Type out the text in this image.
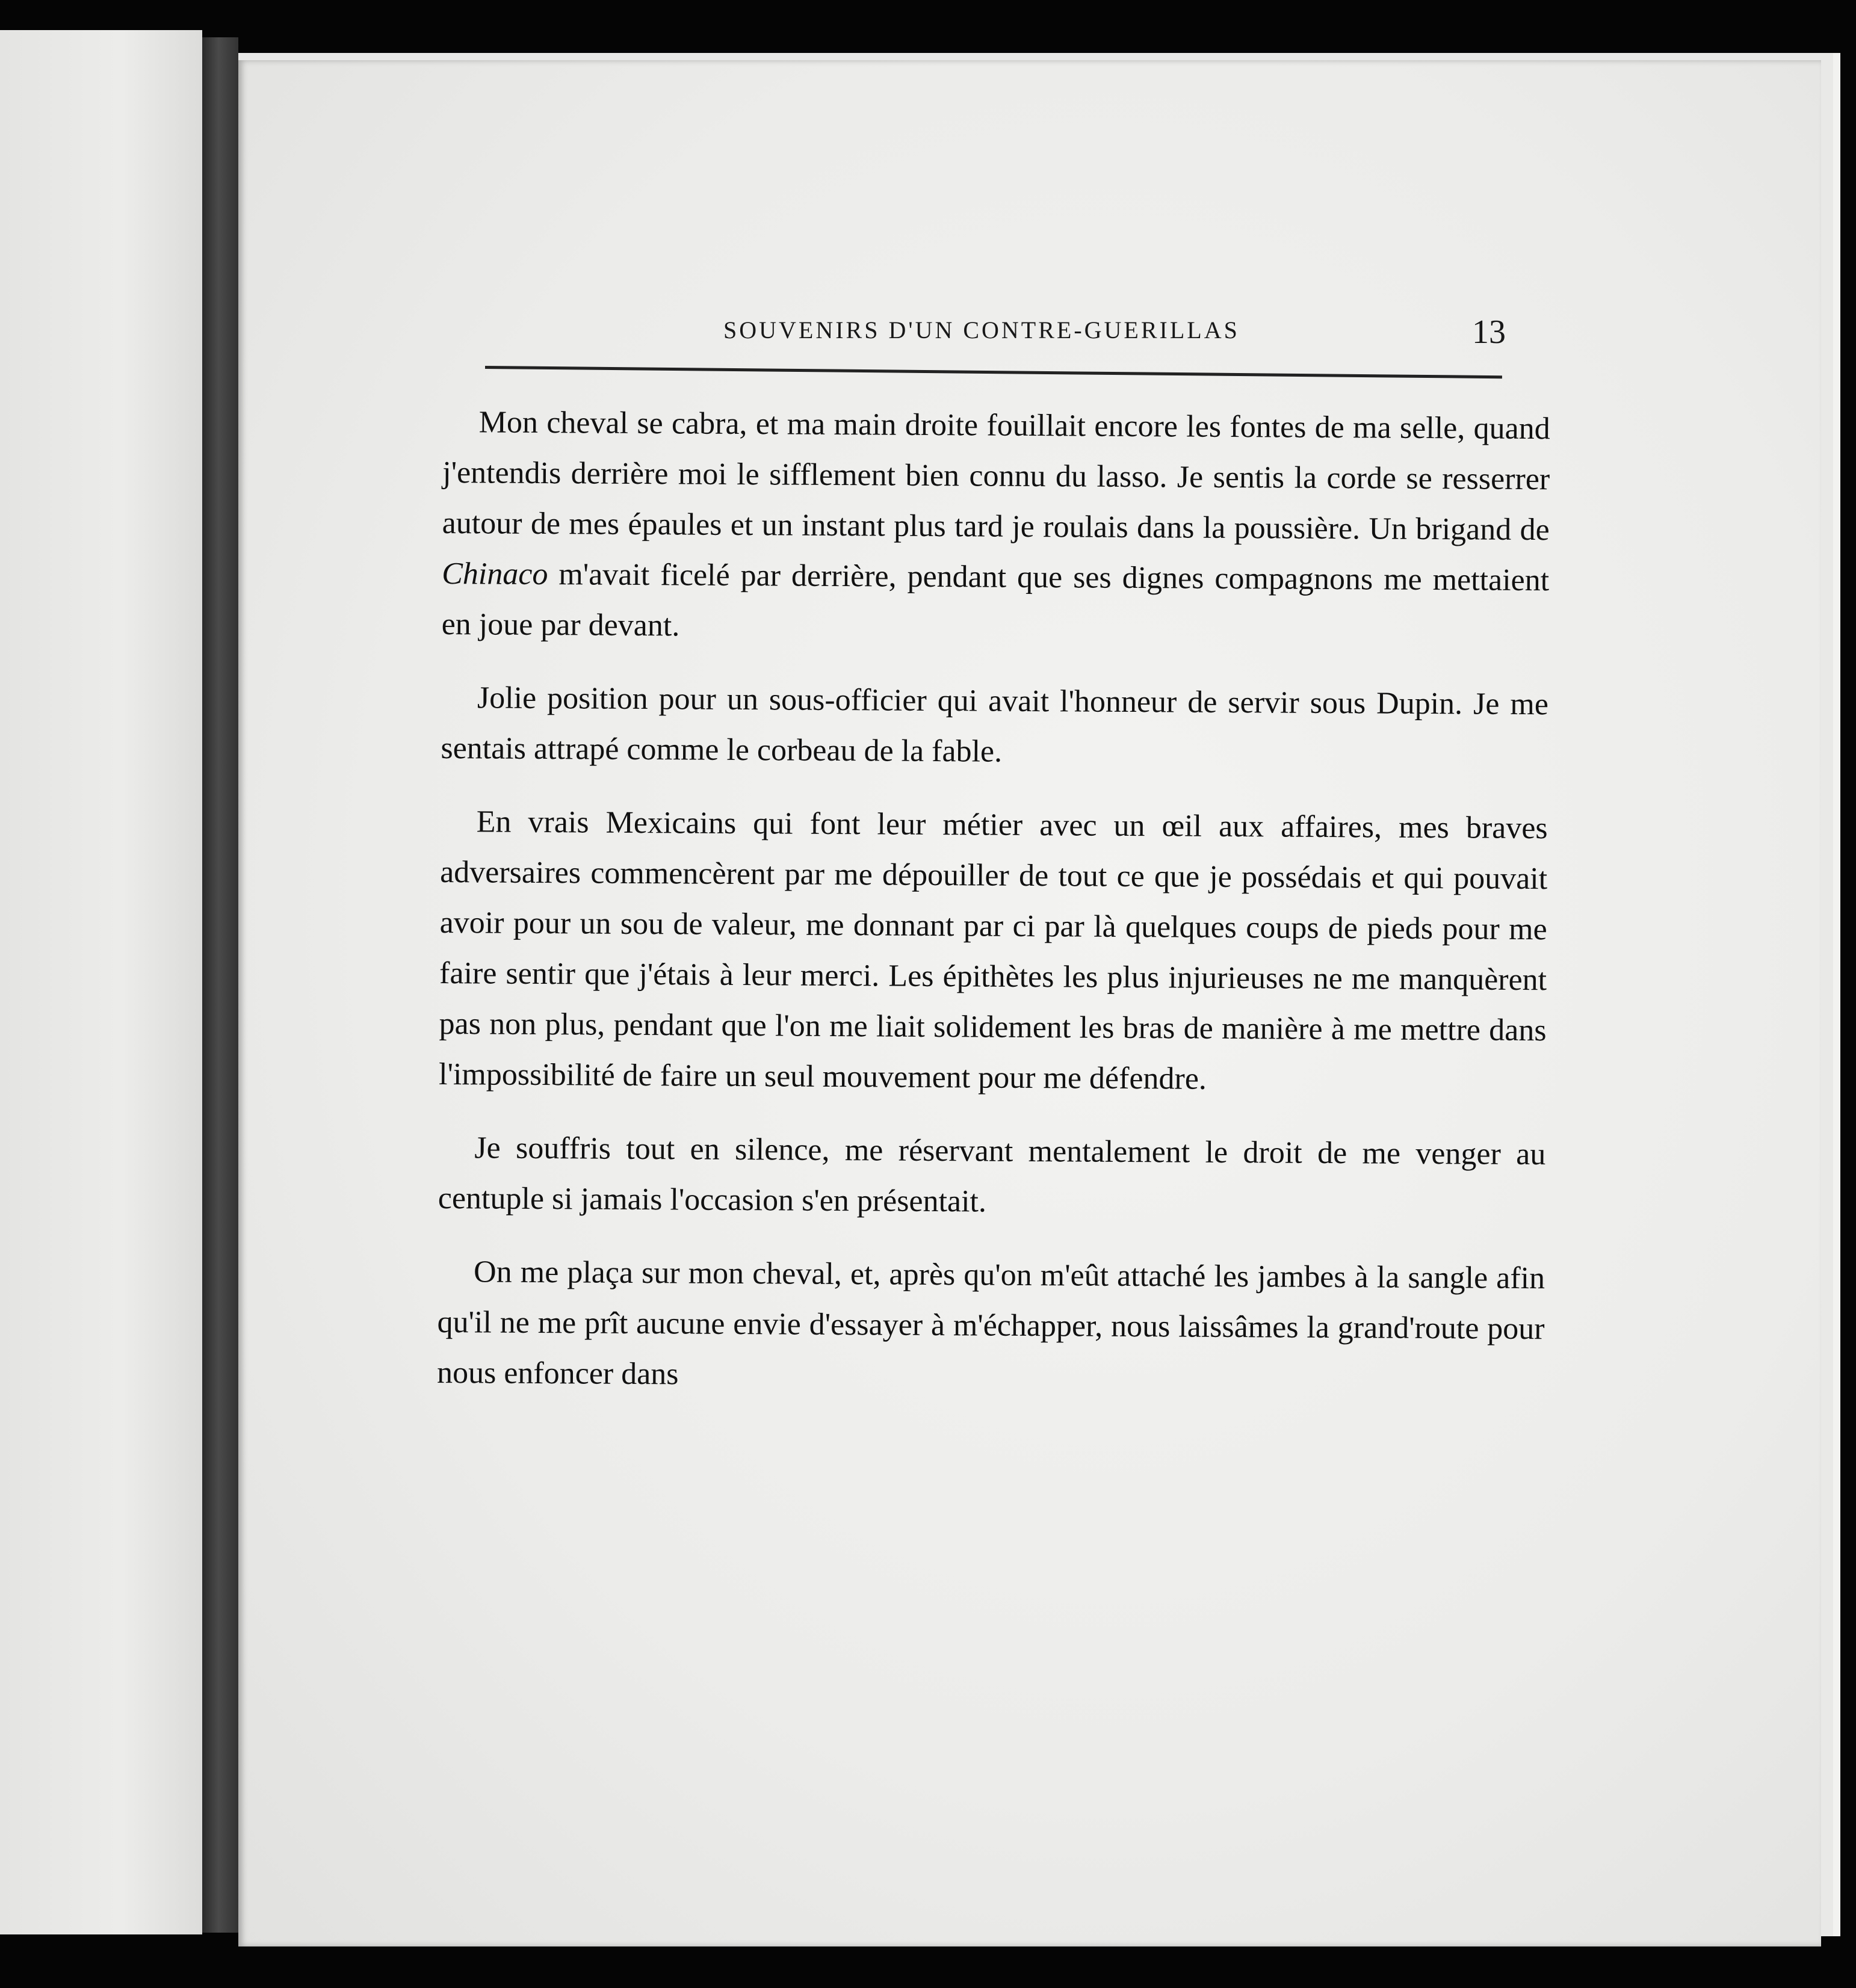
SOUVENIRS D'UN CONTRE-GUERILLAS	13

Mon cheval se cabra, et ma main droite fouillait encore les fontes de ma selle, quand j'entendis derrière moi le sifflement bien connu du lasso. Je sentis la corde se resserrer autour de mes épaules et un instant plus tard je roulais dans la poussière. Un brigand de Chinaco m'avait ficelé par derrière, pendant que ses dignes compagnons me mettaient en joue par devant.

Jolie position pour un sous-officier qui avait l'honneur de servir sous Dupin. Je me sentais attrapé comme le corbeau de la fable.

En vrais Mexicains qui font leur métier avec un œil aux affaires, mes braves adversaires commencèrent par me dépouiller de tout ce que je possédais et qui pouvait avoir pour un sou de valeur, me donnant par ci par là quelques coups de pieds pour me faire sentir que j'étais à leur merci. Les épithètes les plus injurieuses ne me manquèrent pas non plus, pendant que l'on me liait solidement les bras de manière à me mettre dans l'impossibilité de faire un seul mouvement pour me défendre.

Je souffris tout en silence, me réservant mentalement le droit de me venger au centuple si jamais l'occasion s'en présentait.

On me plaça sur mon cheval, et, après qu'on m'eût attaché les jambes à la sangle afin qu'il ne me prît aucune envie d'essayer à m'échapper, nous laissâmes la grand'route pour nous enfoncer dans
